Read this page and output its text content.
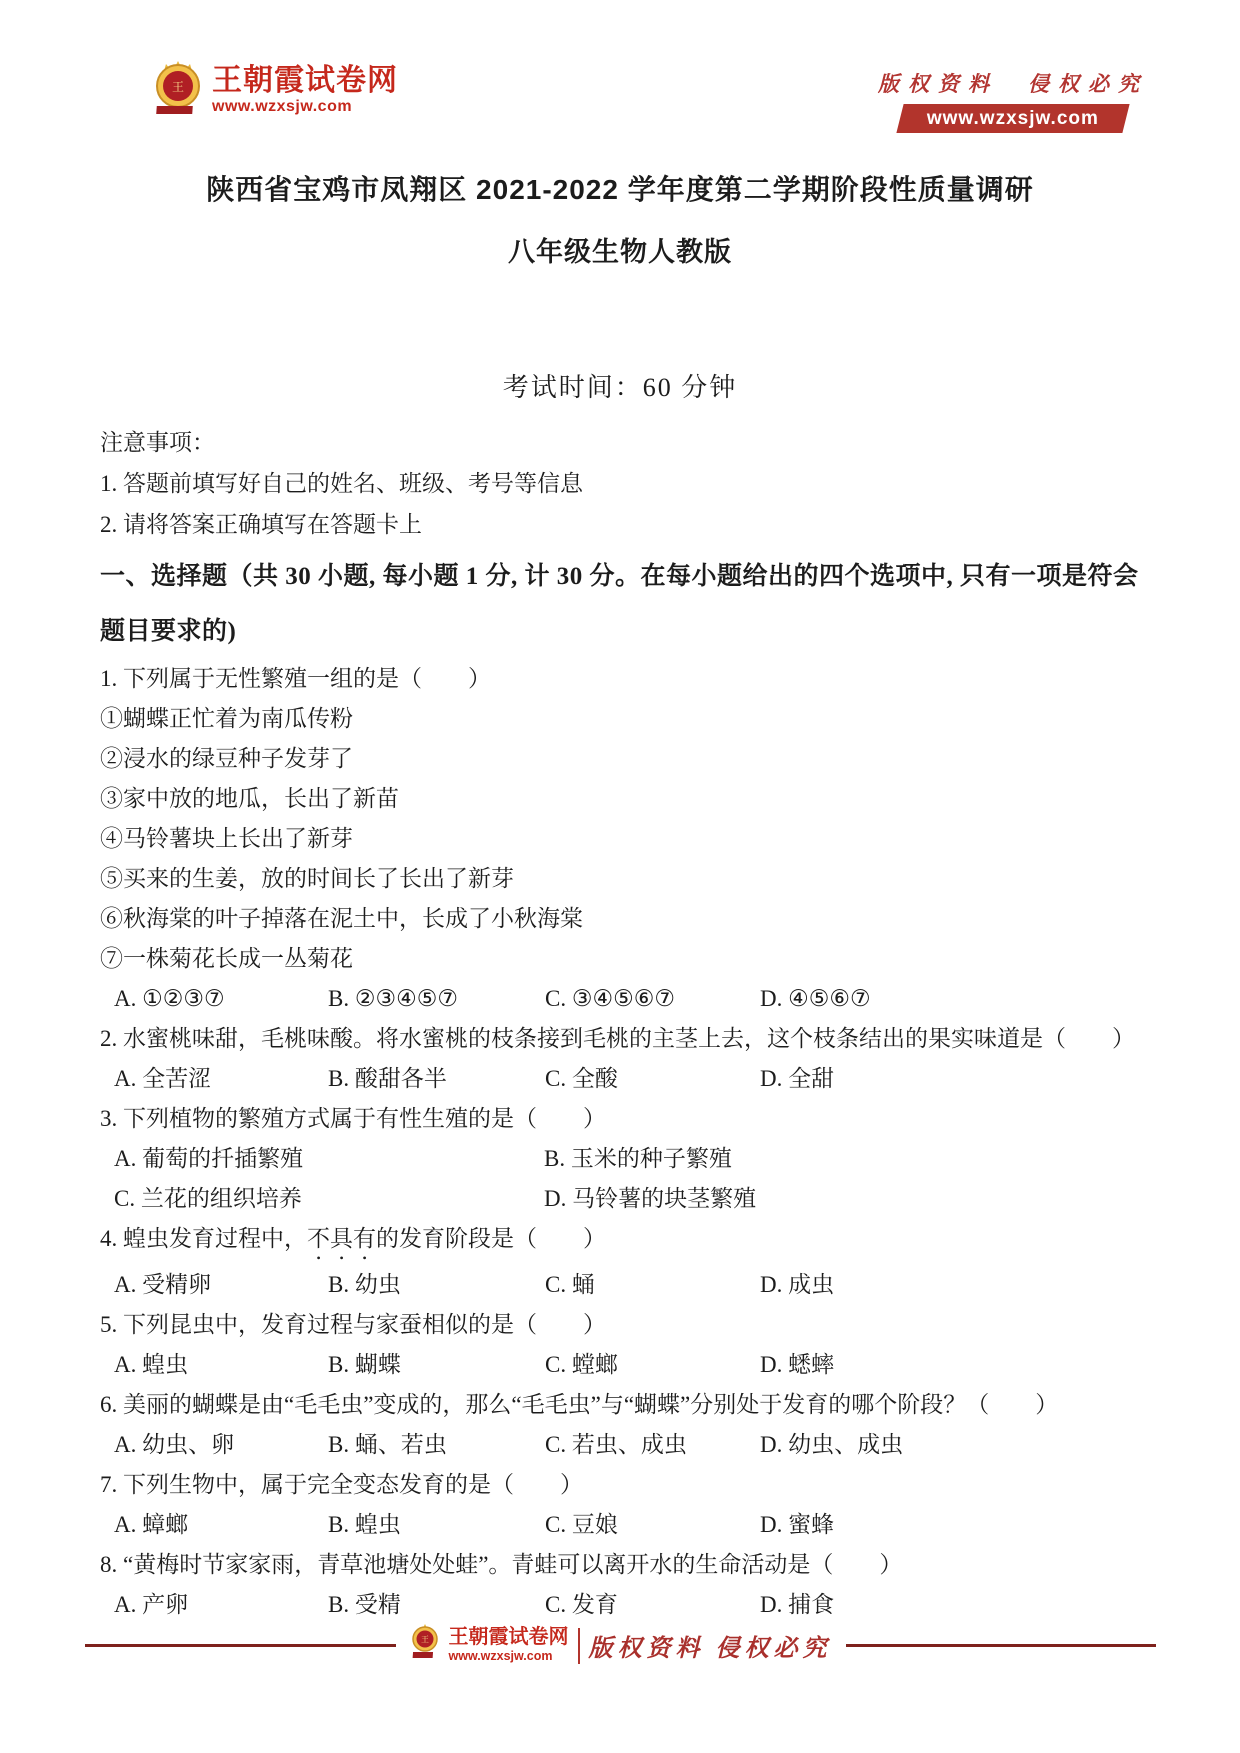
王 王朝霞试卷网
www.wzxsjw.com
版权资料　侵权必究
www.wzxsjw.com
陕西省宝鸡市凤翔区 2021-2022 学年度第二学期阶段性质量调研
八年级生物人教版
考试时间：60 分钟
注意事项：
1. 答题前填写好自己的姓名、班级、考号等信息
2. 请将答案正确填写在答题卡上
一、选择题（共 30 小题, 每小题 1 分, 计 30 分。在每小题给出的四个选项中, 只有一项是符会
题目要求的)
1. 下列属于无性繁殖一组的是（　　）
①蝴蝶正忙着为南瓜传粉
②浸水的绿豆种子发芽了
③家中放的地瓜，长出了新苗
④马铃薯块上长出了新芽
⑤买来的生姜，放的时间长了长出了新芽
⑥秋海棠的叶子掉落在泥土中，长成了小秋海棠
⑦一株菊花长成一丛菊花
A. ①②③⑦	B. ②③④⑤⑦	C. ③④⑤⑥⑦	D. ④⑤⑥⑦
2. 水蜜桃味甜，毛桃味酸。将水蜜桃的枝条接到毛桃的主茎上去，这个枝条结出的果实味道是（　　）
A. 全苦涩	B. 酸甜各半	C. 全酸	D. 全甜
3. 下列植物的繁殖方式属于有性生殖的是（　　）
A. 葡萄的扦插繁殖	B. 玉米的种子繁殖
C. 兰花的组织培养	D. 马铃薯的块茎繁殖
4. 蝗虫发育过程中，不具有的发育阶段是（　　）
A. 受精卵	B. 幼虫	C. 蛹	D. 成虫
5. 下列昆虫中，发育过程与家蚕相似的是（　　）
A. 蝗虫	B. 蝴蝶	C. 螳螂	D. 蟋蟀
6. 美丽的蝴蝶是由“毛毛虫”变成的，那么“毛毛虫”与“蝴蝶”分别处于发育的哪个阶段？（　　）
A. 幼虫、卵	B. 蛹、若虫	C. 若虫、成虫	D. 幼虫、成虫
7. 下列生物中，属于完全变态发育的是（　　）
A. 蟑螂	B. 蝗虫	C. 豆娘	D. 蜜蜂
8. “黄梅时节家家雨，青草池塘处处蛙”。青蛙可以离开水的生命活动是（　　）
A. 产卵	B. 受精	C. 发育	D. 捕食
王 王朝霞试卷网
www.wzxsjw.com	版权资料 侵权必究
